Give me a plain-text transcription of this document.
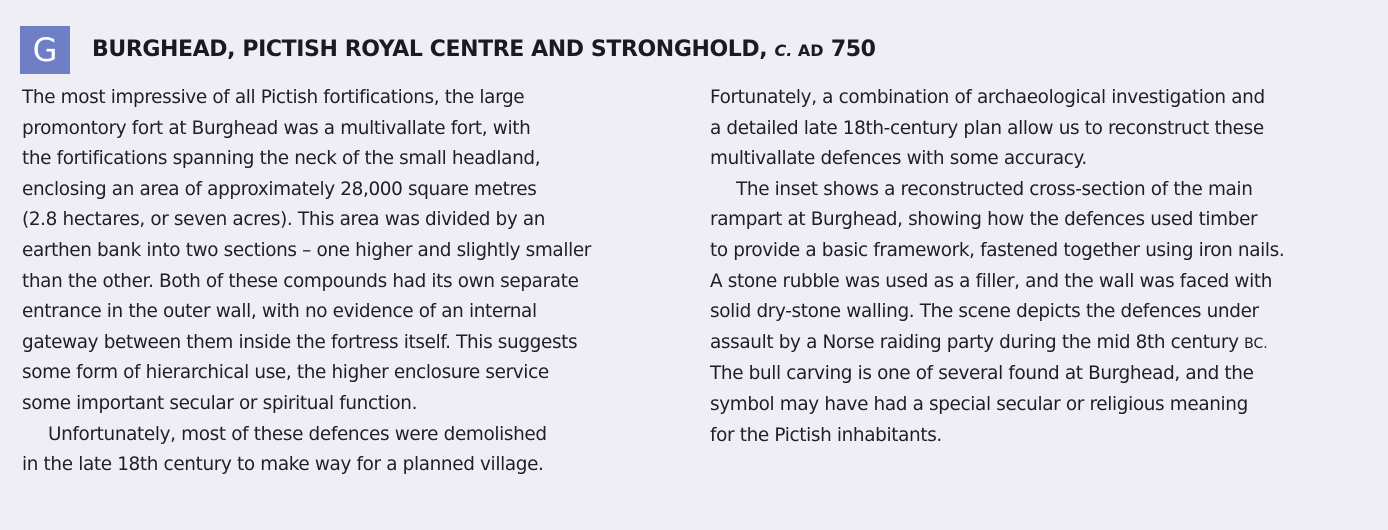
G	BURGHEAD, PICTISH ROYAL CENTRE AND STRONGHOLD, C. AD 750

The most impressive of all Pictish fortifications, the large
promontory fort at Burghead was a multivallate fort, with
the fortifications spanning the neck of the small headland,
enclosing an area of approximately 28,000 square metres
(2.8 hectares, or seven acres). This area was divided by an
earthen bank into two sections – one higher and slightly smaller
than the other. Both of these compounds had its own separate
entrance in the outer wall, with no evidence of an internal
gateway between them inside the fortress itself. This suggests
some form of hierarchical use, the higher enclosure service
some important secular or spiritual function.

Unfortunately, most of these defences were demolished
in the late 18th century to make way for a planned village.

Fortunately, a combination of archaeological investigation and
a detailed late 18th-century plan allow us to reconstruct these
multivallate defences with some accuracy.

The inset shows a reconstructed cross-section of the main
rampart at Burghead, showing how the defences used timber
to provide a basic framework, fastened together using iron nails.
A stone rubble was used as a filler, and the wall was faced with
solid dry-stone walling. The scene depicts the defences under
assault by a Norse raiding party during the mid 8th century BC.
The bull carving is one of several found at Burghead, and the
symbol may have had a special secular or religious meaning
for the Pictish inhabitants.
